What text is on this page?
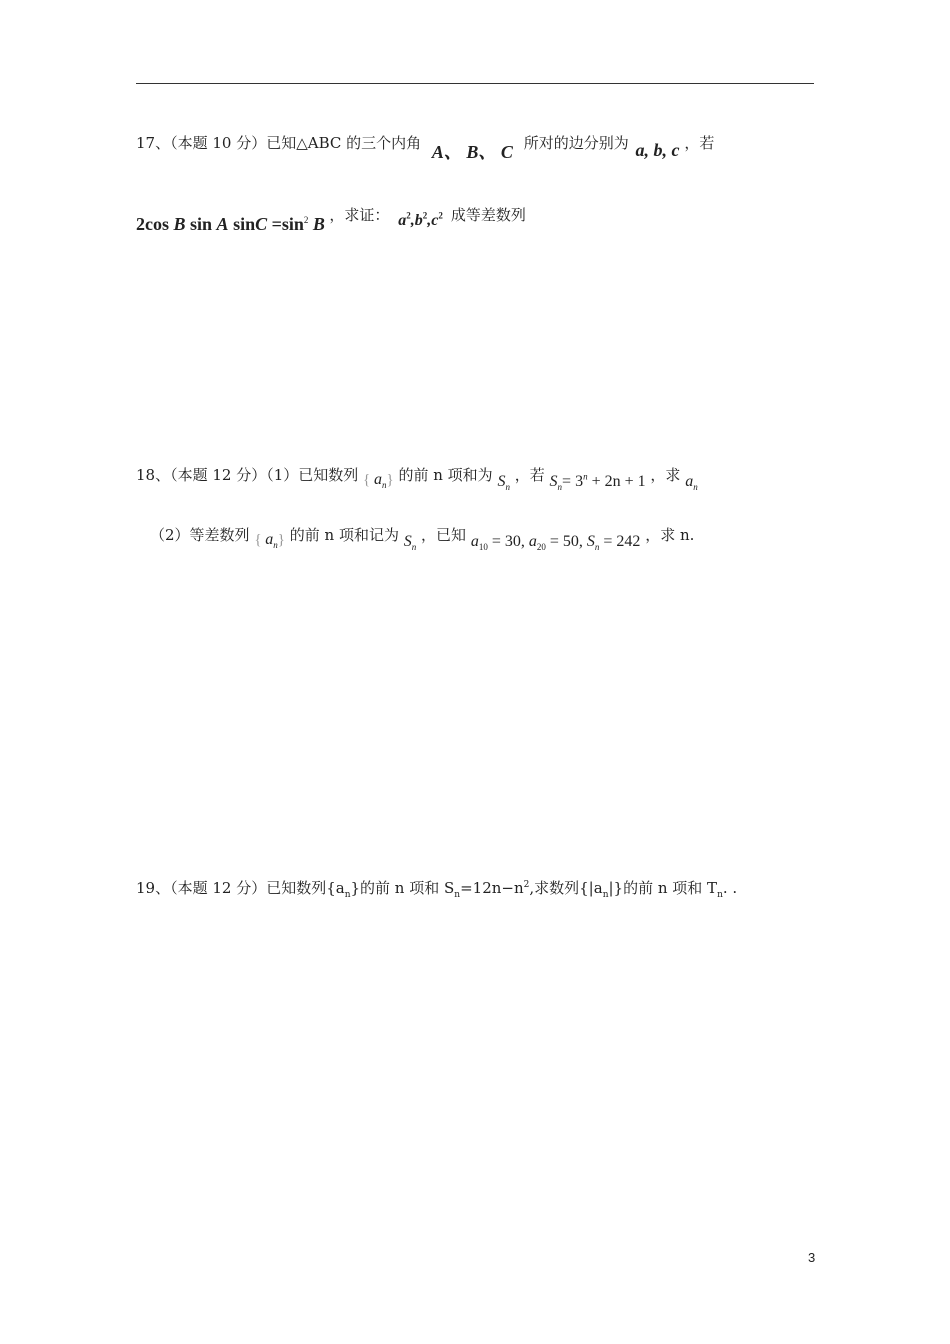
17、（本题 10 分）已知△ABC 的三个内角 A、 B、 C 所对的边分别为 a, b, c ，若
2cos B sin A $\sin C =\sin^2$ B ，求证： $a^2,b^2,c^2$ 成等差数列
18、（本题 12 分）（1）已知数列 { $a_n$} 的前 n 项和为 $S_n$ ，若 $S_n= 3^n + 2n + 1$ ，求 $a_n$
（2）等差数列 { $a_n$} 的前 n 项和记为 $S_n$ ，已知 $a_{10} = 30$, $a_{20} = 50$, $S_n = 242$ ，求 n.
19、（本题 12 分）已知数列$\{a_n\}$的前 n 项和 $S_n=12n-n^2$,求数列$\{|a_n|\}$的前 n 项和 $T_n$. .
3
